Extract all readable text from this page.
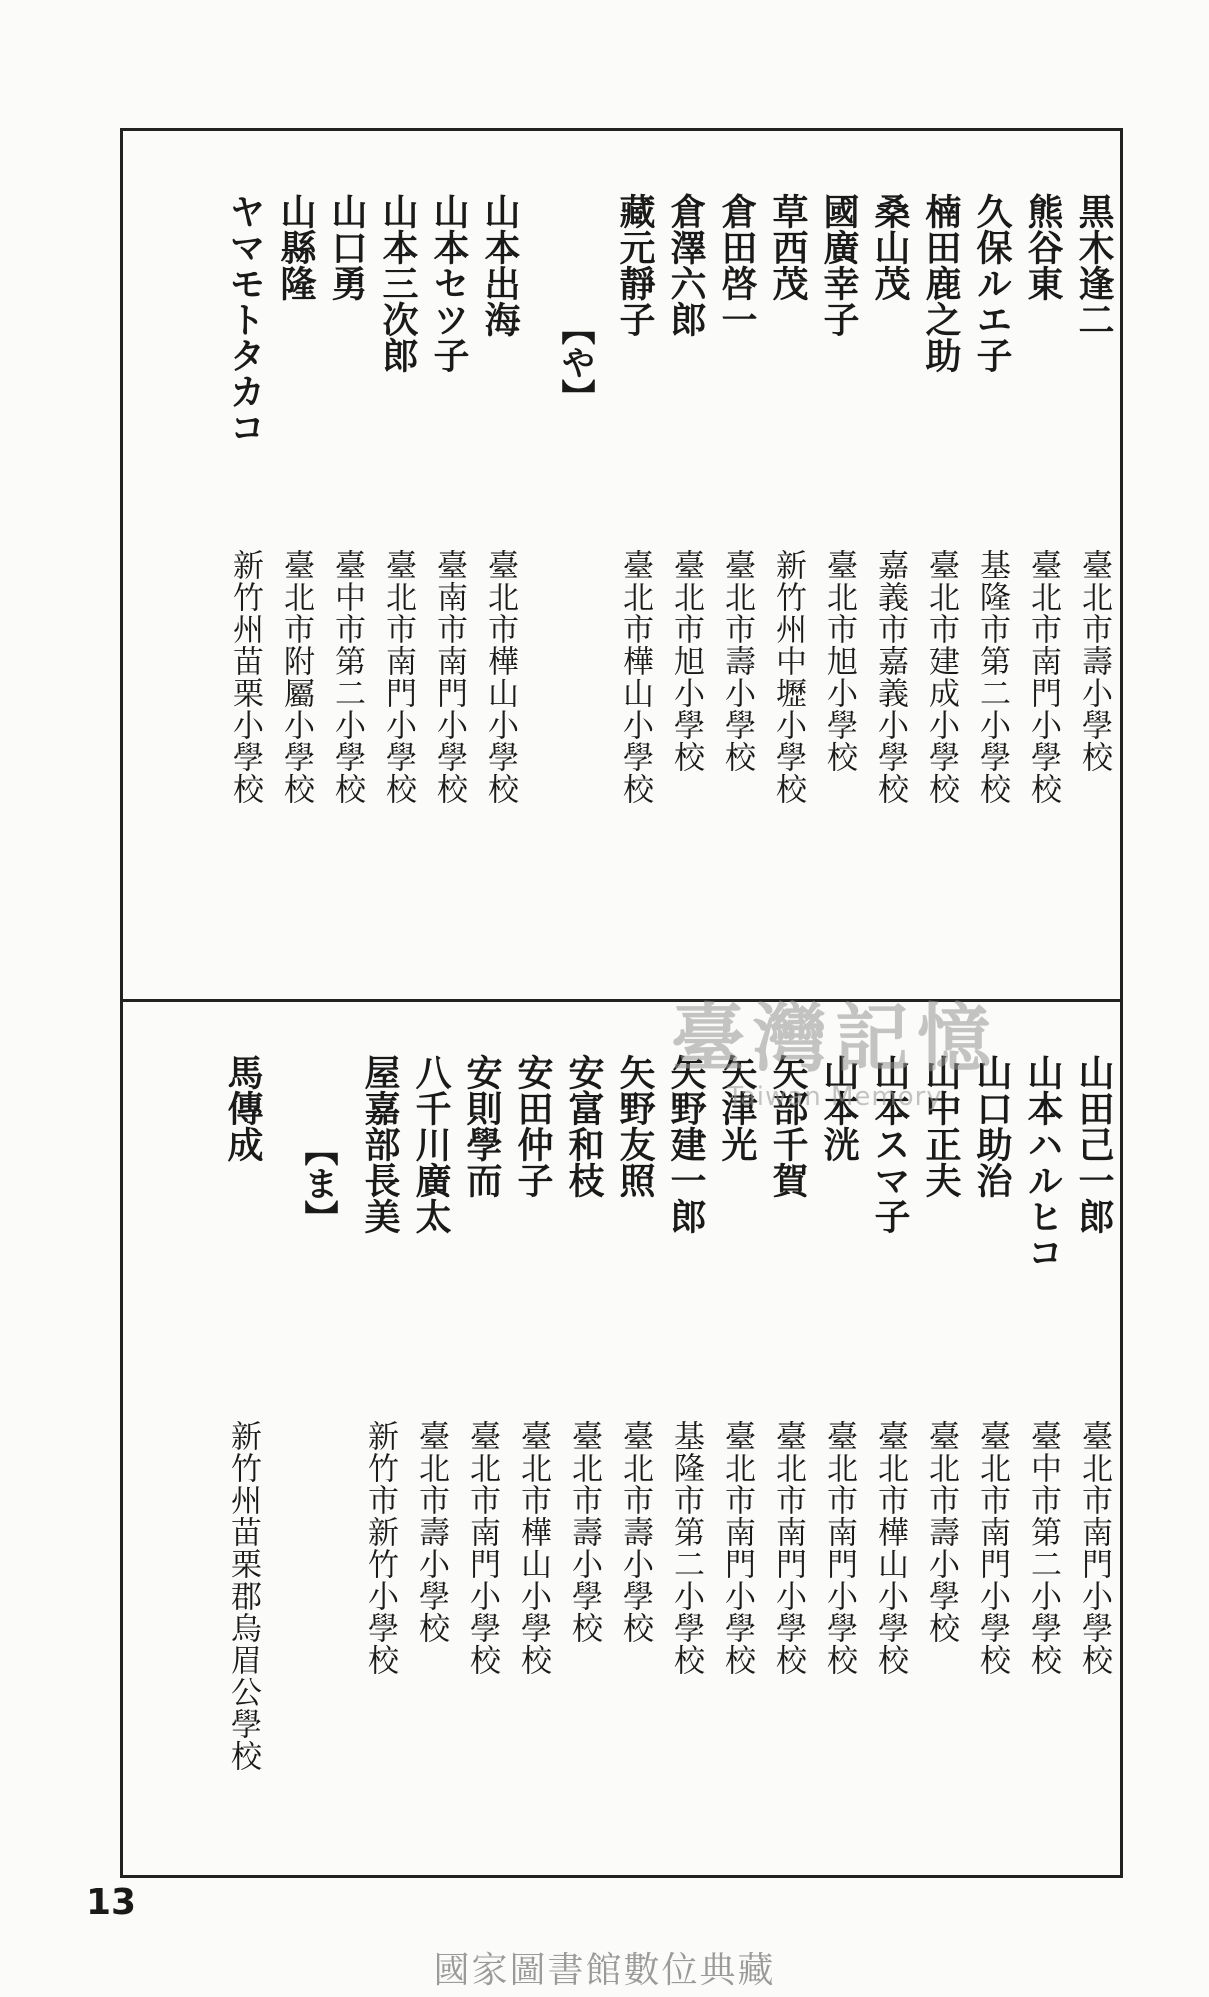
黒木逢二
臺北市壽小學校
熊谷東
臺北市南門小學校
久保ルエ子
基隆市第二小學校
楠田鹿之助
臺北市建成小學校
桑山茂
嘉義市嘉義小學校
國廣幸子
臺北市旭小學校
草西茂
新竹州中壢小學校
倉田啓一
臺北市壽小學校
倉澤六郎
臺北市旭小學校
藏元靜子
臺北市樺山小學校
【や】
山本出海
臺北市樺山小學校
山本セツ子
臺南市南門小學校
山本三次郎
臺北市南門小學校
山口勇
臺中市第二小學校
山縣隆
臺北市附屬小學校
ヤマモトタカコ
新竹州苗栗小學校
山田己一郎
臺北市南門小學校
山本ハルヒコ
臺中市第二小學校
山口助治
臺北市南門小學校
山中正夫
臺北市壽小學校
山本スマ子
臺北市樺山小學校
山本洸
臺北市南門小學校
矢部千賀
臺北市南門小學校
矢津光
臺北市南門小學校
矢野建一郎
基隆市第二小學校
矢野友照
臺北市壽小學校
安富和枝
臺北市壽小學校
安田仲子
臺北市樺山小學校
安則學而
臺北市南門小學校
八千川廣太
臺北市壽小學校
屋嘉部長美
新竹市新竹小學校
【ま】
馬傳成
新竹州苗栗郡烏眉公學校
臺灣記憶
Taiwan Memory
13
國家圖書館數位典藏
